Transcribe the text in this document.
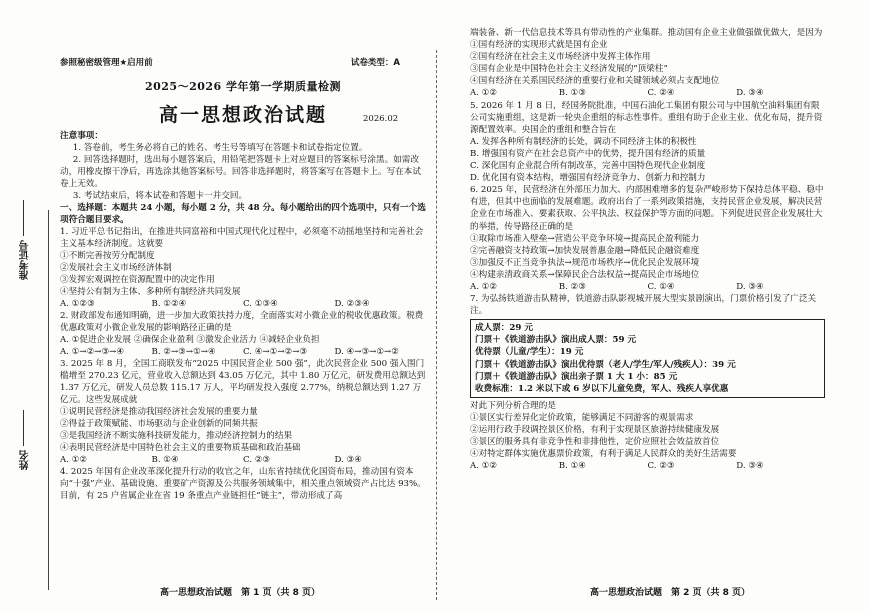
准考证号
姓名
参照秘密级管理★启用前	试卷类型：A
2025～2026 学年第一学期质量检测
高一思想政治试题	2026.02

注意事项：

1. 答卷前，考生务必将自己的姓名、考生号等填写在答题卡和试卷指定位置。

2. 回答选择题时，选出每小题答案后，用铅笔把答题卡上对应题目的答案标号涂黑。如需改动，用橡皮擦干净后，再选涂其他答案标号。回答非选择题时，将答案写在答题卡上。写在本试卷上无效。

3. 考试结束后，将本试卷和答题卡一并交回。

一、选择题：本题共 24 小题，每小题 2 分，共 48 分。每小题给出的四个选项中，只有一个选项符合题目要求。

1. 习近平总书记指出，在推进共同富裕和中国式现代化过程中，必须毫不动摇地坚持和完善社会主义基本经济制度。这就要

①不断完善按劳分配制度

②发展社会主义市场经济体制

③发挥宏观调控在资源配置中的决定作用

④坚持公有制为主体、多种所有制经济共同发展

A. ①②③	B. ①②④	C. ①③④	D. ②③④

2. 财政部发布通知明确，进一步加大政策扶持力度，全面落实对小微企业的税收优惠政策。税费优惠政策对小微企业发展的影响路径正确的是

A. ①促进企业发展 ②确保企业盈利 ③激发企业活力 ④减轻企业负担

A. ①→②→③→④	B. ②→③→①→④	C. ④→①→②→③	D. ④→③→①→②

3. 2025 年 8 月，全国工商联发布“2025 中国民营企业 500 强”，此次民营企业 500 强入围门槛增至 270.23 亿元，营业收入总额达到 43.05 万亿元，其中 1.80 万亿元，研发费用总额达到 1.37 万亿元，研发人员总数 115.17 万人，平均研发投入强度 2.77%，纳税总额达到 1.27 万亿元。这些发展成就

①说明民营经济是推动我国经济社会发展的重要力量

②得益于政策赋能、市场驱动与企业创新的同频共振

③是我国经济不断实施科技研发能力，推动经济控制力的结果

④表明民营经济是中国特色社会主义的重要物质基础和政治基础

A. ①②	B. ①④	C. ②③	D. ③④

4. 2025 年国有企业改革深化提升行动的收官之年，山东省持续优化国资布局，推动国有资本向“十强”产业、基础设施、重要矿产资源及公共服务领域集中，相关重点领域资产占比达 93%。目前，有 25 户省属企业在省 19 条重点产业链担任“链主”，带动形成了高

高一思想政治试题　第 1 页（共 8 页）

端装备、新一代信息技术等具有带动性的产业集群。推动国有企业主业做强做优做大，是因为

①国有经济的实现形式就是国有企业

②国有经济在社会主义市场经济中发挥主体作用

③国有企业是中国特色社会主义经济发展的“顶梁柱”

④国有经济在关系国民经济的重要行业和关键领域必须占支配地位

A. ①②	B. ①③	C. ②④	D. ③④

5. 2026 年 1 月 8 日，经国务院批准，中国石油化工集团有限公司与中国航空油料集团有限公司实施重组，这是新一轮央企重组的标志性事件。重组有助于企业主业、优化布局，提升资源配置效率。央国企的重组和整合旨在

A. 发挥各种所有制经济的长处，调动不同经济主体的积极性

B. 增强国有资产在社会总资产中的优势，提升国有经济的质量

C. 深化国有企业混合所有制改革，完善中国特色现代企业制度

D. 优化国有资本结构，增强国有经济竞争力、创新力和控制力

6. 2025 年，民营经济在外部压力加大、内部困难增多的复杂严峻形势下保持总体平稳、稳中有进，但其中也面临的发展难题。政府出台了一系列政策措施，支持民营企业发展，解决民营企业在市场准入、要素获取、公平执法、权益保护等方面的问题。下列促进民营企业发展壮大的举措，传导路径正确的是

①取除市场准入壁垒→营造公平竞争环境→提高民企盈利能力

②完善融资支持政策→加快发展普惠金融→降低民企融资难度

③加强反不正当竞争执法→规范市场秩序→优化民企发展环境

④构建亲清政商关系→保障民企合法权益→提高民企市场地位

A. ①②	B. ②③	C. ①④	D. ③④

7. 为弘扬铁道游击队精神，铁道游击队影视城开展大型实景剧演出，门票价格引发了广泛关注。

成人票：29 元

门票＋《铁道游击队》演出成人票：59 元

优待票（儿童/学生）：19 元

门票＋《铁道游击队》演出优待票（老人/学生/军人/残疾人）：39 元

门票＋《铁道游击队》演出亲子票 1 大 1 小：85 元

收费标准：1.2 米以下或 6 岁以下儿童免费，军人、残疾人享优惠

对此下列分析合理的是

①景区实行差异化定价政策，能够满足不同游客的观景需求

②运用行政手段调控景区价格，有利于实现景区旅游持续健康发展

③景区的服务具有非竞争性和非排他性，定价应照社会效益放首位

④对特定群体实施优惠票价政策，有利于满足人民群众的美好生活需要

A. ①②	B. ①④	C. ②③	D. ③④
高一思想政治试题　第 2 页（共 8 页）
